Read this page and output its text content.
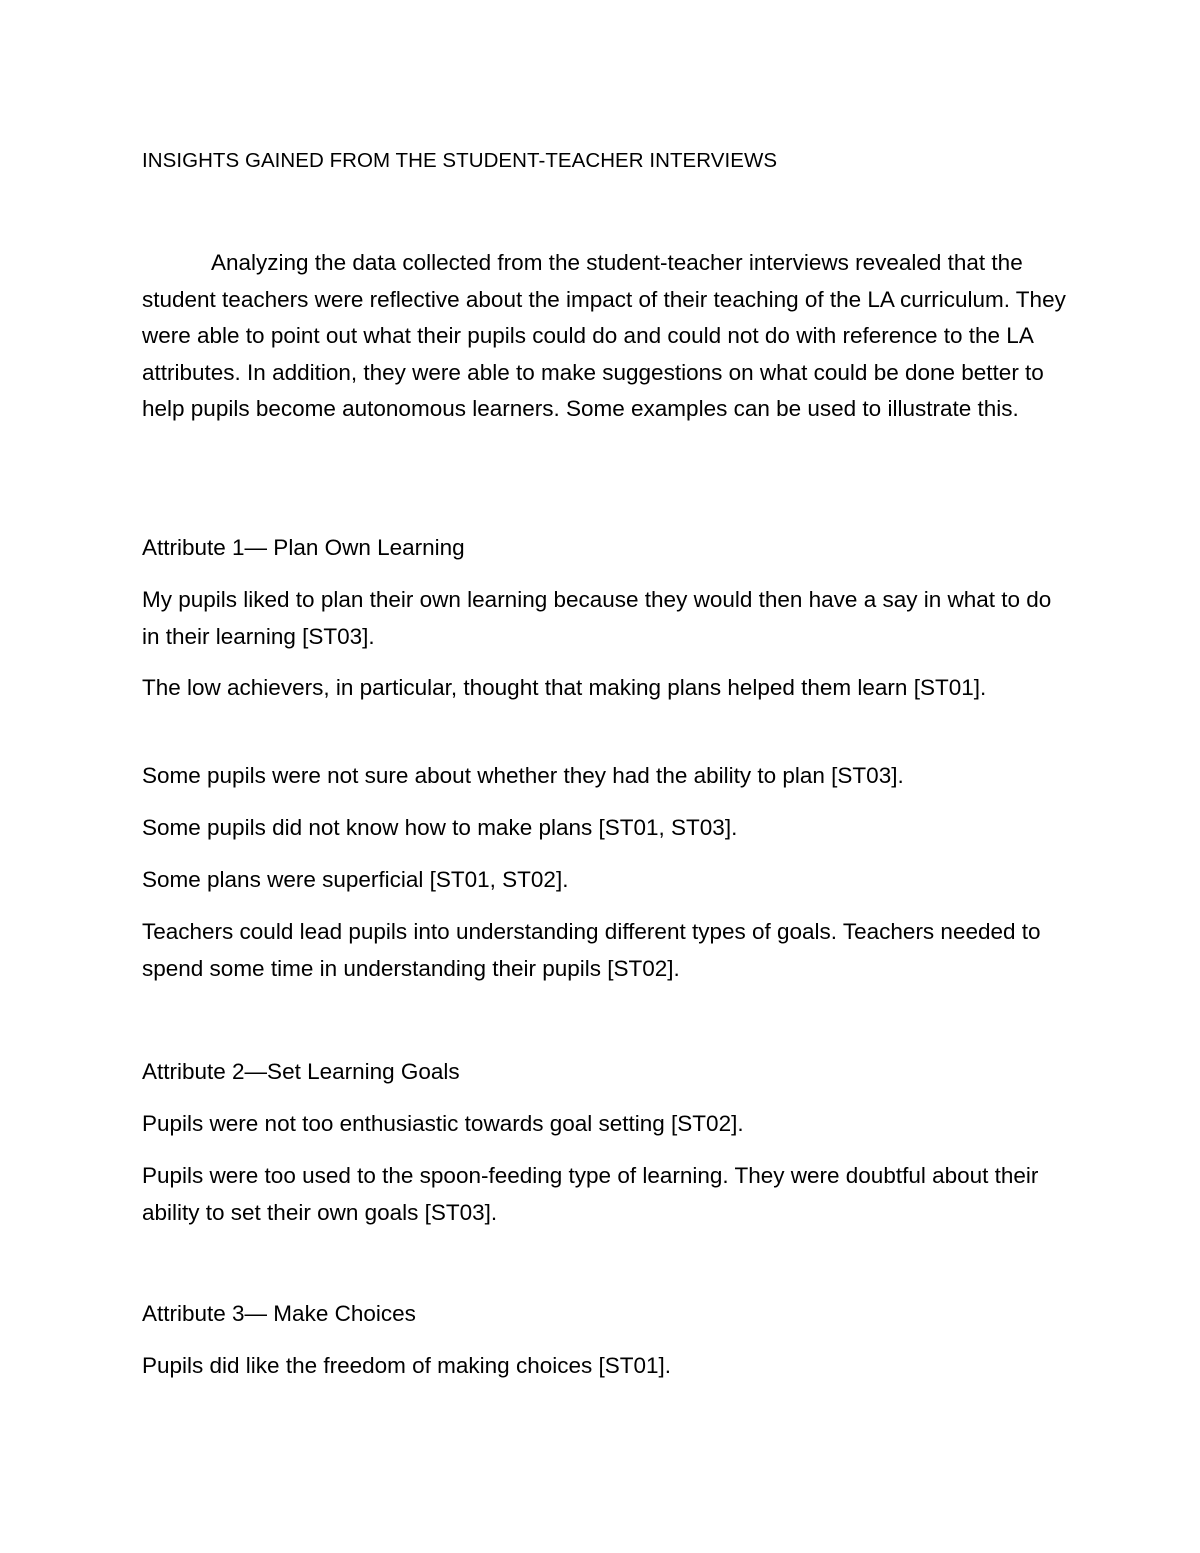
INSIGHTS GAINED FROM THE STUDENT-TEACHER INTERVIEWS

Analyzing the data collected from the student-teacher interviews revealed that the student teachers were reflective about the impact of their teaching of the LA curriculum. They were able to point out what their pupils could do and could not do with reference to the LA attributes. In addition, they were able to make suggestions on what could be done better to help pupils become autonomous learners. Some examples can be used to illustrate this.

Attribute 1— Plan Own Learning

My pupils liked to plan their own learning because they would then have a say in what to do in their learning [ST03].

The low achievers, in particular, thought that making plans helped them learn [ST01].

Some pupils were not sure about whether they had the ability to plan [ST03].

Some pupils did not know how to make plans [ST01, ST03].

Some plans were superficial [ST01, ST02].

Teachers could lead pupils into understanding different types of goals. Teachers needed to spend some time in understanding their pupils [ST02].

Attribute 2—Set Learning Goals

Pupils were not too enthusiastic towards goal setting [ST02].

Pupils were too used to the spoon-feeding type of learning. They were doubtful about their ability to set their own goals [ST03].

Attribute 3— Make Choices

Pupils did like the freedom of making choices [ST01].
